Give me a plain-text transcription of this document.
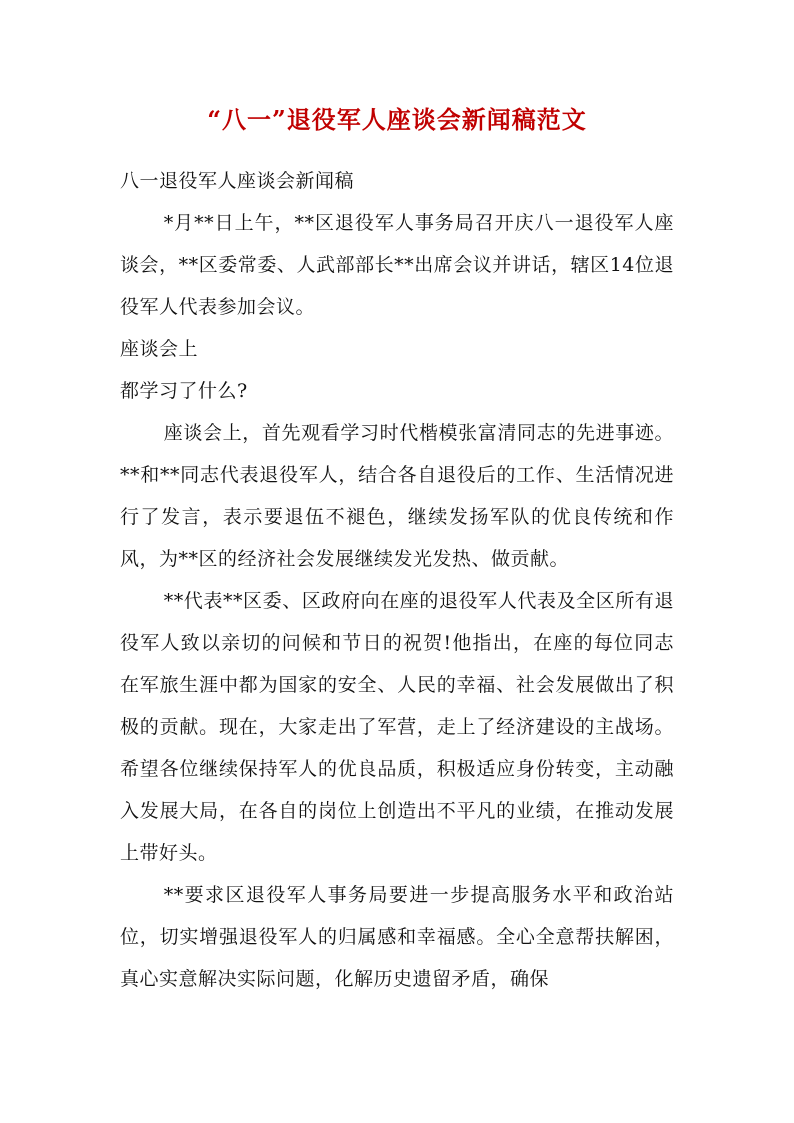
“八一”退役军人座谈会新闻稿范文

八一退役军人座谈会新闻稿

*月**日上午，**区退役军人事务局召开庆八一退役军人座谈会，**区委常委、人武部部长**出席会议并讲话，辖区14位退役军人代表参加会议。

座谈会上

都学习了什么?

座谈会上，首先观看学习时代楷模张富清同志的先进事迹。**和**同志代表退役军人，结合各自退役后的工作、生活情况进行了发言，表示要退伍不褪色，继续发扬军队的优良传统和作风，为**区的经济社会发展继续发光发热、做贡献。

**代表**区委、区政府向在座的退役军人代表及全区所有退役军人致以亲切的问候和节日的祝贺!他指出，在座的每位同志在军旅生涯中都为国家的安全、人民的幸福、社会发展做出了积极的贡献。现在，大家走出了军营，走上了经济建设的主战场。希望各位继续保持军人的优良品质，积极适应身份转变，主动融入发展大局，在各自的岗位上创造出不平凡的业绩，在推动发展上带好头。

**要求区退役军人事务局要进一步提高服务水平和政治站位，切实增强退役军人的归属感和幸福感。全心全意帮扶解困，真心实意解决实际问题，化解历史遗留矛盾，确保
